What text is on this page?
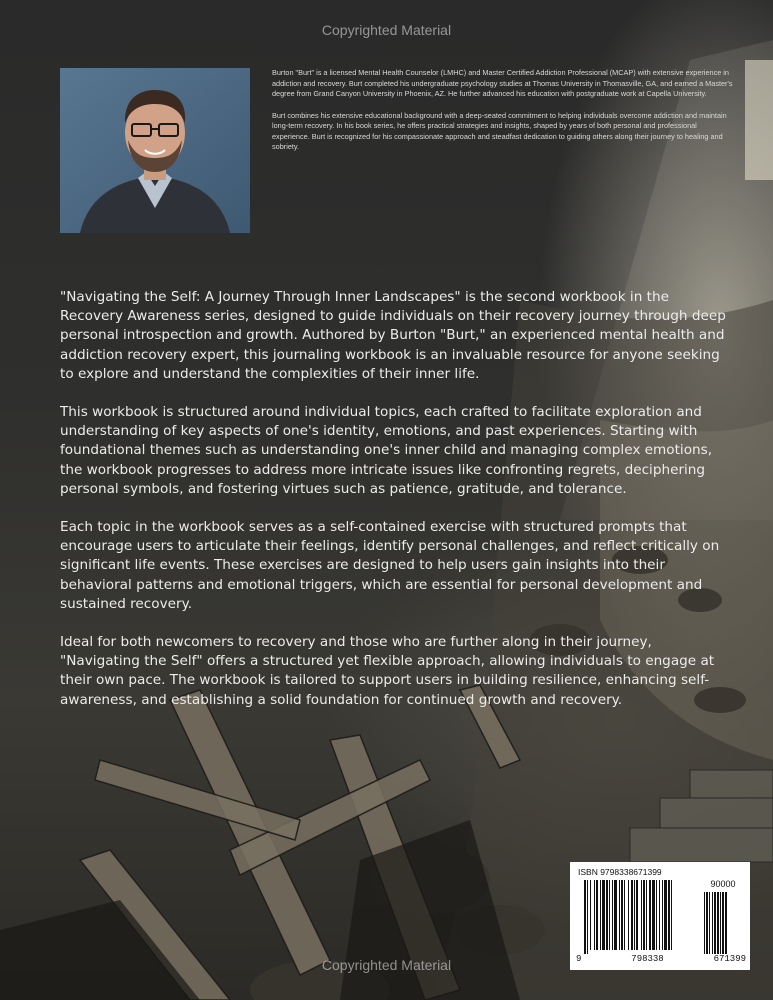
Copyrighted Material

Burton "Burt" is a licensed Mental Health Counselor (LMHC) and Master Certified Addiction Professional (MCAP) with extensive experience in addiction and recovery. Burt completed his undergraduate psychology studies at Thomas University in Thomasville, GA, and earned a Master's degree from Grand Canyon University in Phoenix, AZ. He further advanced his education with postgraduate work at Capella University.

Burt combines his extensive educational background with a deep-seated commitment to helping individuals overcome addiction and maintain long-term recovery. In his book series, he offers practical strategies and insights, shaped by years of both personal and professional experience. Burt is recognized for his compassionate approach and steadfast dedication to guiding others along their journey to healing and sobriety.

"Navigating the Self: A Journey Through Inner Landscapes" is the second workbook in the Recovery Awareness series, designed to guide individuals on their recovery journey through deep personal introspection and growth. Authored by Burton "Burt," an experienced mental health and addiction recovery expert, this journaling workbook is an invaluable resource for anyone seeking to explore and understand the complexities of their inner life.

This workbook is structured around individual topics, each crafted to facilitate exploration and understanding of key aspects of one's identity, emotions, and past experiences. Starting with foundational themes such as understanding one's inner child and managing complex emotions, the workbook progresses to address more intricate issues like confronting regrets, deciphering personal symbols, and fostering virtues such as patience, gratitude, and tolerance.

Each topic in the workbook serves as a self-contained exercise with structured prompts that encourage users to articulate their feelings, identify personal challenges, and reflect critically on significant life events. These exercises are designed to help users gain insights into their behavioral patterns and emotional triggers, which are essential for personal development and sustained recovery.

Ideal for both newcomers to recovery and those who are further along in their journey, "Navigating the Self" offers a structured yet flexible approach, allowing individuals to engage at their own pace. The workbook is tailored to support users in building resilience, enhancing self-awareness, and establishing a solid foundation for continued growth and recovery.

ISBN 9798338671399
90000
9	798338	671399
Copyrighted Material
